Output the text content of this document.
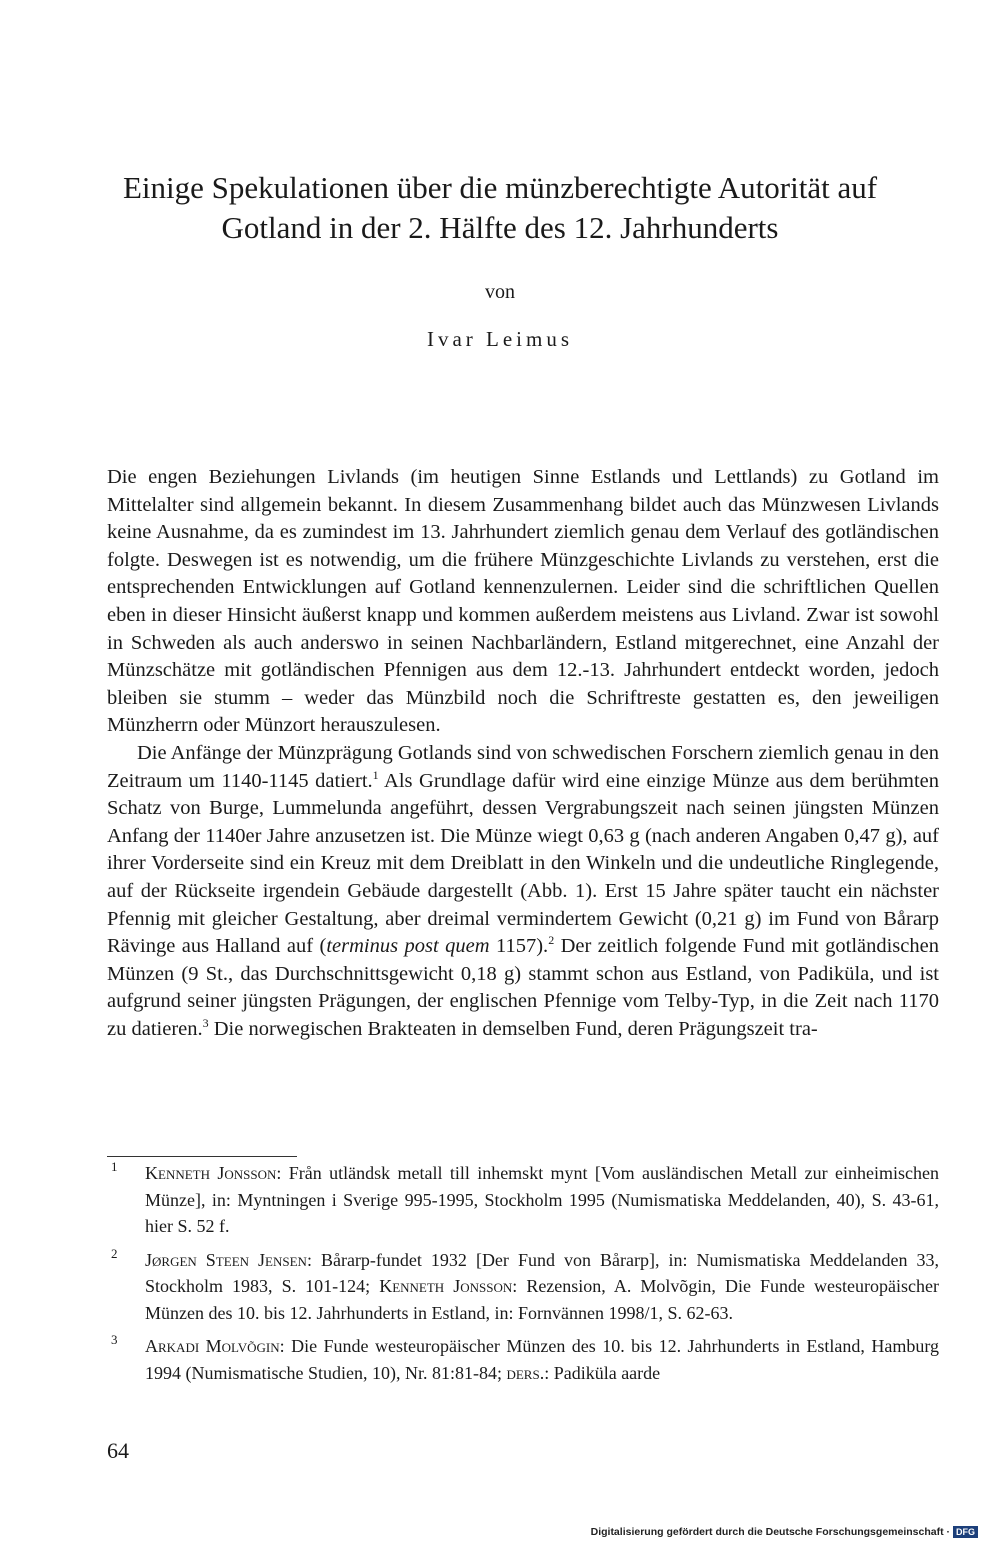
Einige Spekulationen über die münzberechtigte Autorität auf Gotland in der 2. Hälfte des 12. Jahrhunderts
von
Ivar Leimus

Die engen Beziehungen Livlands (im heutigen Sinne Estlands und Lettlands) zu Gotland im Mittelalter sind allgemein bekannt. In diesem Zusammenhang bildet auch das Münzwesen Livlands keine Ausnahme, da es zumindest im 13. Jahrhundert ziemlich genau dem Verlauf des gotländischen folgte. Deswegen ist es notwendig, um die frühere Münzgeschichte Livlands zu verstehen, erst die entsprechenden Entwicklungen auf Gotland kennenzulernen. Leider sind die schriftlichen Quellen eben in dieser Hinsicht äußerst knapp und kommen außerdem meistens aus Livland. Zwar ist sowohl in Schweden als auch anderswo in seinen Nachbarländern, Estland mitgerechnet, eine Anzahl der Münzschätze mit gotländischen Pfennigen aus dem 12.-13. Jahrhundert entdeckt worden, jedoch bleiben sie stumm – weder das Münzbild noch die Schriftreste gestatten es, den jeweiligen Münzherrn oder Münzort herauszulesen.

Die Anfänge der Münzprägung Gotlands sind von schwedischen Forschern ziemlich genau in den Zeitraum um 1140-1145 datiert.$^1$ Als Grundlage dafür wird eine einzige Münze aus dem berühmten Schatz von Burge, Lummelunda angeführt, dessen Vergrabungszeit nach seinen jüngsten Münzen Anfang der 1140er Jahre anzusetzen ist. Die Münze wiegt 0,63 g (nach anderen Angaben 0,47 g), auf ihrer Vorderseite sind ein Kreuz mit dem Dreiblatt in den Winkeln und die undeutliche Ringlegende, auf der Rückseite irgendein Gebäude dargestellt (Abb. 1). Erst 15 Jahre später taucht ein nächster Pfennig mit gleicher Gestaltung, aber dreimal vermindertem Gewicht (0,21 g) im Fund von Bårarp Rävinge aus Halland auf (terminus post quem 1157).$^2$ Der zeitlich folgende Fund mit gotländischen Münzen (9 St., das Durchschnittsgewicht 0,18 g) stammt schon aus Estland, von Padiküla, und ist aufgrund seiner jüngsten Prägungen, der englischen Pfennige vom Telby-Typ, in die Zeit nach 1170 zu datieren.$^3$ Die norwegischen Brakteaten in demselben Fund, deren Prägungszeit tra-

1 Kenneth Jonsson: Från utländsk metall till inhemskt mynt [Vom ausländischen Metall zur einheimischen Münze], in: Myntningen i Sverige 995-1995, Stockholm 1995 (Numismatiska Meddelanden, 40), S. 43-61, hier S. 52 f.
2 Jørgen Steen Jensen: Bårarp-fundet 1932 [Der Fund von Bårarp], in: Numismatiska Meddelanden 33, Stockholm 1983, S. 101-124; Kenneth Jonsson: Rezension, A. Molvõgin, Die Funde westeuropäischer Münzen des 10. bis 12. Jahrhunderts in Estland, in: Fornvännen 1998/1, S. 62-63.
3 Arkadi Molvõgin: Die Funde westeuropäischer Münzen des 10. bis 12. Jahrhunderts in Estland, Hamburg 1994 (Numismatische Studien, 10), Nr. 81:81-84; ders.: Padiküla aarde
64
Digitalisierung gefördert durch die Deutsche Forschungsgemeinschaft · DFG
